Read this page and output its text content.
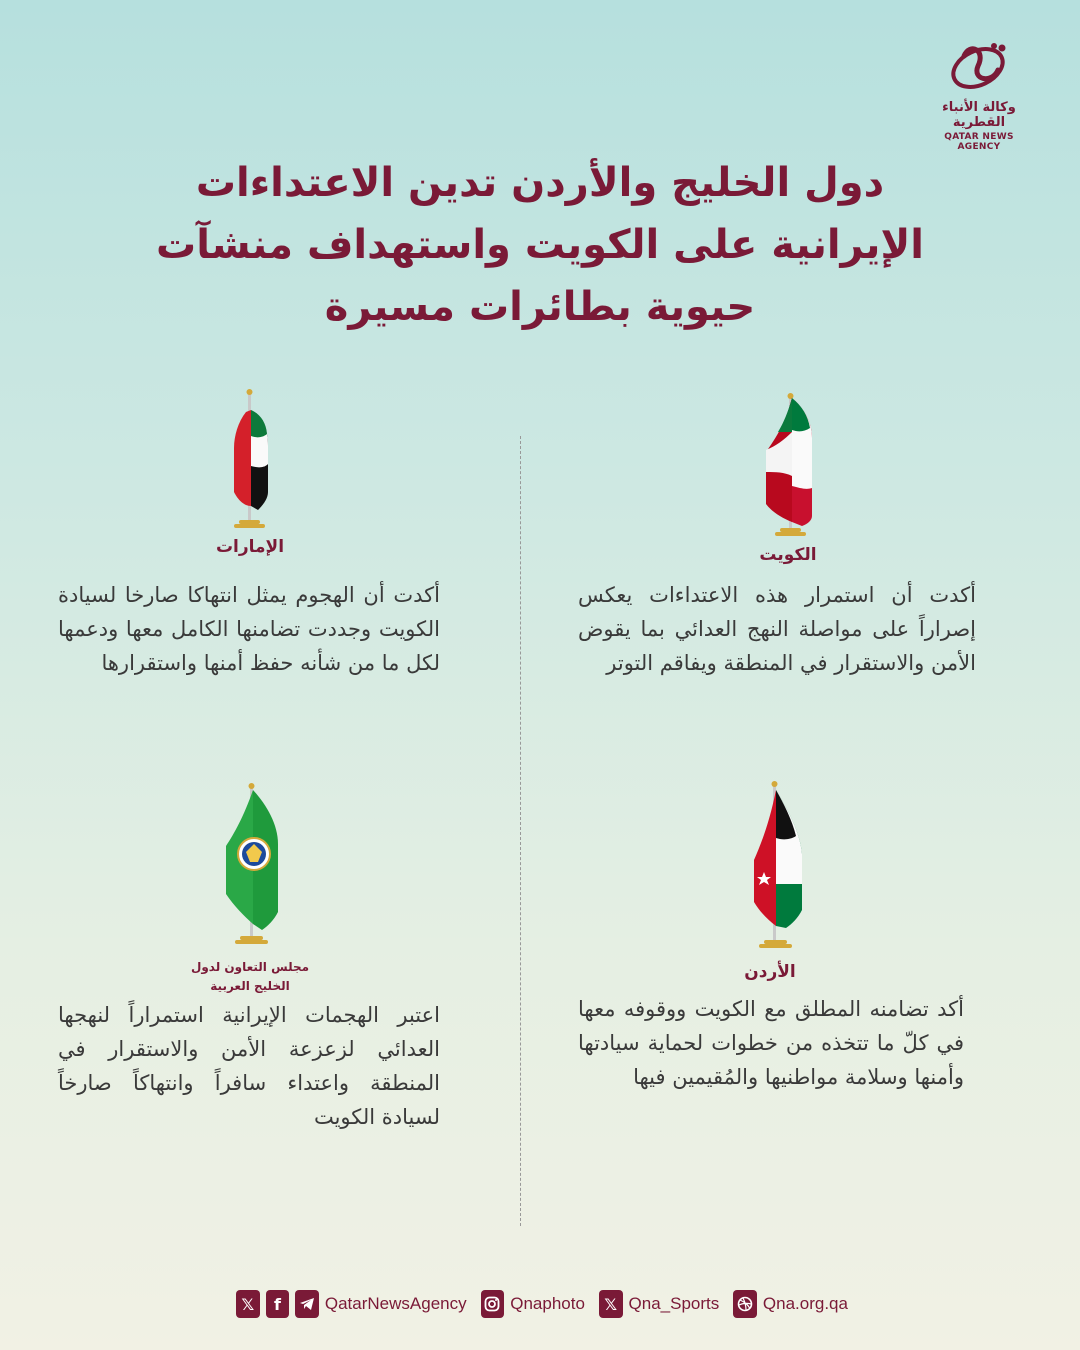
وكالة الأنباء القطرية
QATAR NEWS AGENCY
دول الخليج والأردن تدين الاعتداءات
الإيرانية على الكويت واستهداف منشآت
حيوية بطائرات مسيرة
الإمارات
أكدت أن الهجوم يمثل انتهاكا صارخا لسيادة الكويت وجددت تضامنها الكامل معها ودعمها لكل ما من شأنه حفظ أمنها واستقرارها
الكويت
أكدت أن استمرار هذه الاعتداءات يعكس إصراراً على مواصلة النهج العدائي بما يقوض الأمن والاستقرار في المنطقة ويفاقم التوتر
مجلس التعاون لدول
الخليج العربية
اعتبر الهجمات الإيرانية استمراراً لنهجها العدائي لزعزعة الأمن والاستقرار في المنطقة واعتداء سافراً وانتهاكاً صارخاً لسيادة الكويت
الأردن
أكد تضامنه المطلق مع الكويت ووقوفه معها في كلّ ما تتخذه من خطوات لحماية سيادتها وأمنها وسلامة مواطنيها والمُقيمين فيها
𝕏	f	QatarNewsAgency	Qnaphoto	𝕏 Qna_Sports	Qna.org.qa
